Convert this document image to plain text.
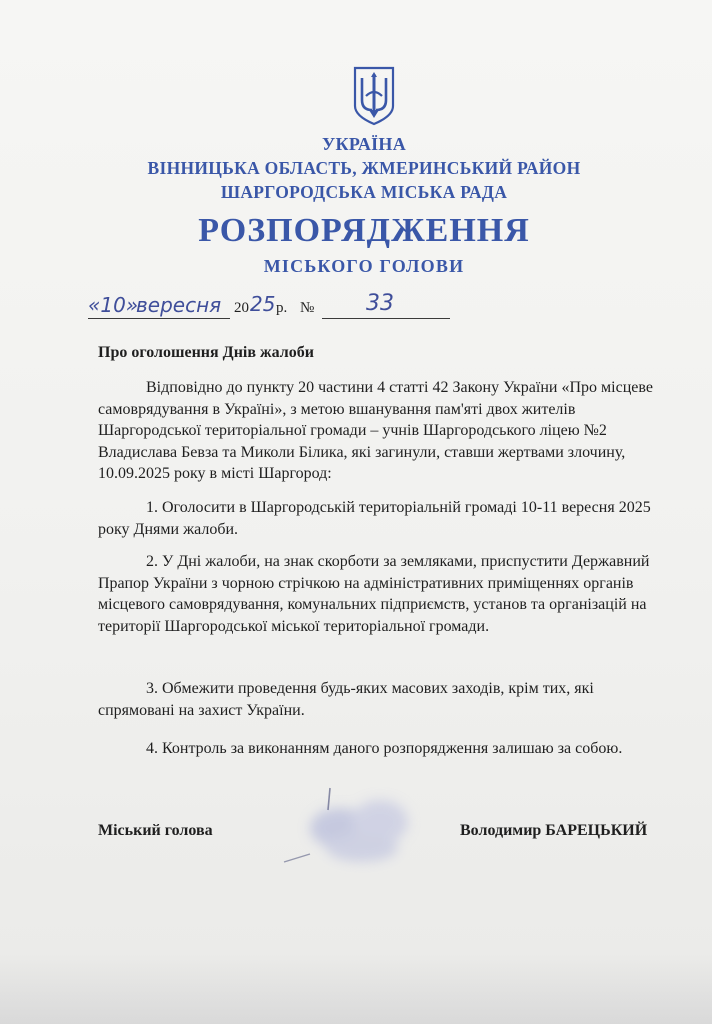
УКРАЇНА
ВІННИЦЬКА ОБЛАСТЬ, ЖМЕРИНСЬКИЙ РАЙОН
ШАРГОРОДСЬКА МІСЬКА РАДА
РОЗПОРЯДЖЕННЯ
МІСЬКОГО ГОЛОВИ
«10»
вересня 20 25 р. № 33
Про оголошення Днів жалоби
Відповідно до пункту 20 частини 4 статті 42 Закону України «Про місцеве самоврядування в Україні», з метою вшанування пам'яті двох жителів Шаргородської територіальної громади – учнів Шаргородського ліцею №2 Владислава Бевза та Миколи Білика, які загинули, ставши жертвами злочину, 10.09.2025 року в місті Шаргород:
1. Оголосити в Шаргородській територіальній громаді 10-11 вересня 2025 року Днями жалоби.
2. У Дні жалоби, на знак скорботи за земляками, приспустити Державний Прапор України з чорною стрічкою на адміністративних приміщеннях органів місцевого самоврядування, комунальних підприємств, установ та організацій на території Шаргородської міської територіальної громади.
3. Обмежити проведення будь-яких масових заходів, крім тих, які спрямовані на захист України.
4. Контроль за виконанням даного розпорядження залишаю за собою.
Міський голова	Володимир БАРЕЦЬКИЙ
